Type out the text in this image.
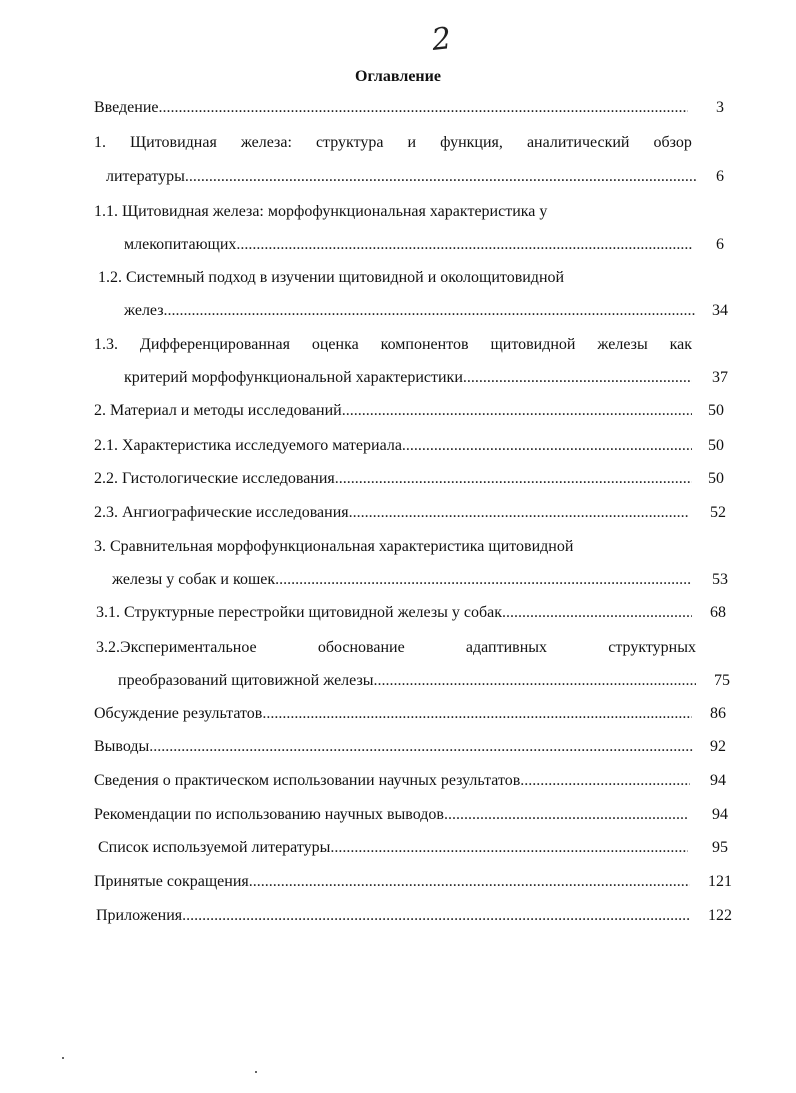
2
Оглавление
Введение .....	3
1. Щитовидная железа: структура и функция, аналитический обзор
литературы .....	6
1.1. Щитовидная железа: морфофункциональная характеристика у
млекопитающих .....	6
1.2. Системный подход в изучении щитовидной и околощитовидной
желез .....	34
1.3. Дифференцированная оценка компонентов щитовидной железы как
критерий морфофункциональной характеристики .....	37
2. Материал и методы исследований .....	50
2.1. Характеристика исследуемого материала .....	50
2.2. Гистологические исследования .....	50
2.3. Ангиографические исследования .....	52
3. Сравнительная морфофункциональная характеристика щитовидной
железы у собак и кошек .....	53
3.1. Структурные перестройки щитовидной железы у собак .....	68
3.2.Экспериментальное	обоснование	адаптивных	структурных
преобразований щитовижной железы .....	75
Обсуждение результатов .....	86
Выводы .....	92
Сведения о практическом использовании научных результатов .....	94
Рекомендации по использованию научных выводов .....	94
Список используемой литературы .....	95
Принятые сокращения .....	121
Приложения .....	122
